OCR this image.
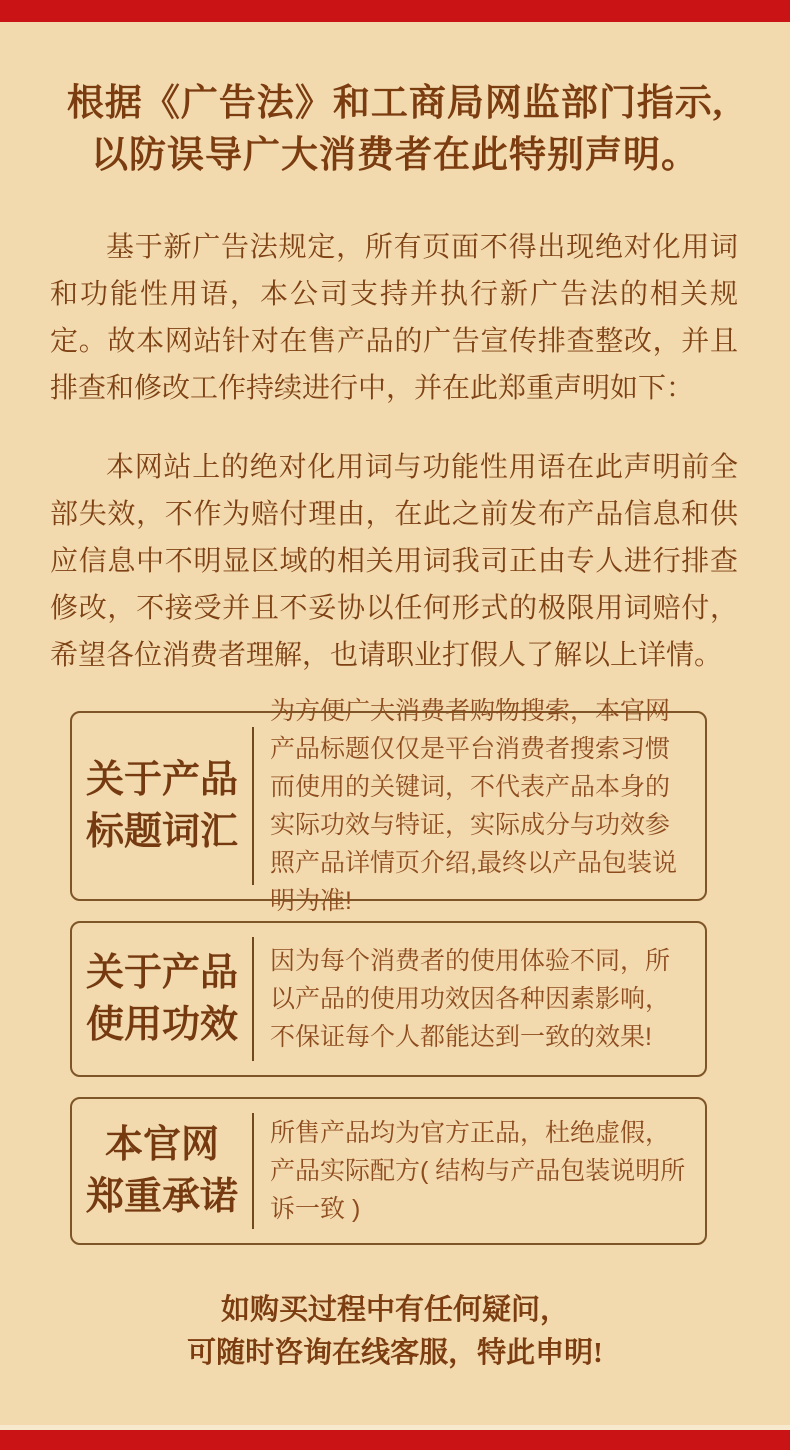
根据《广告法》和工商局网监部门指示,
以防误导广大消费者在此特别声明。

基于新广告法规定，所有页面不得出现绝对化用词和功能性用语，本公司支持并执行新广告法的相关规定。故本网站针对在售产品的广告宣传排查整改，并且排查和修改工作持续进行中，并在此郑重声明如下：

本网站上的绝对化用词与功能性用语在此声明前全部失效，不作为赔付理由，在此之前发布产品信息和供应信息中不明显区域的相关用词我司正由专人进行排查修改，不接受并且不妥协以任何形式的极限用词赔付，希望各位消费者理解，也请职业打假人了解以上详情。

关于产品
标题词汇
为方便广大消费者购物搜索，本官网产品标题仅仅是平台消费者搜索习惯而使用的关键词，不代表产品本身的实际功效与特证，实际成分与功效参照产品详情页介绍,最终以产品包装说明为准!
关于产品
使用功效
因为每个消费者的使用体验不同，所以产品的使用功效因各种因素影响，不保证每个人都能达到一致的效果!
本官网
郑重承诺
所售产品均为官方正品，杜绝虚假，产品实际配方( 结构与产品包装说明所诉一致 )
如购买过程中有任何疑问，
可随时咨询在线客服，特此申明!
